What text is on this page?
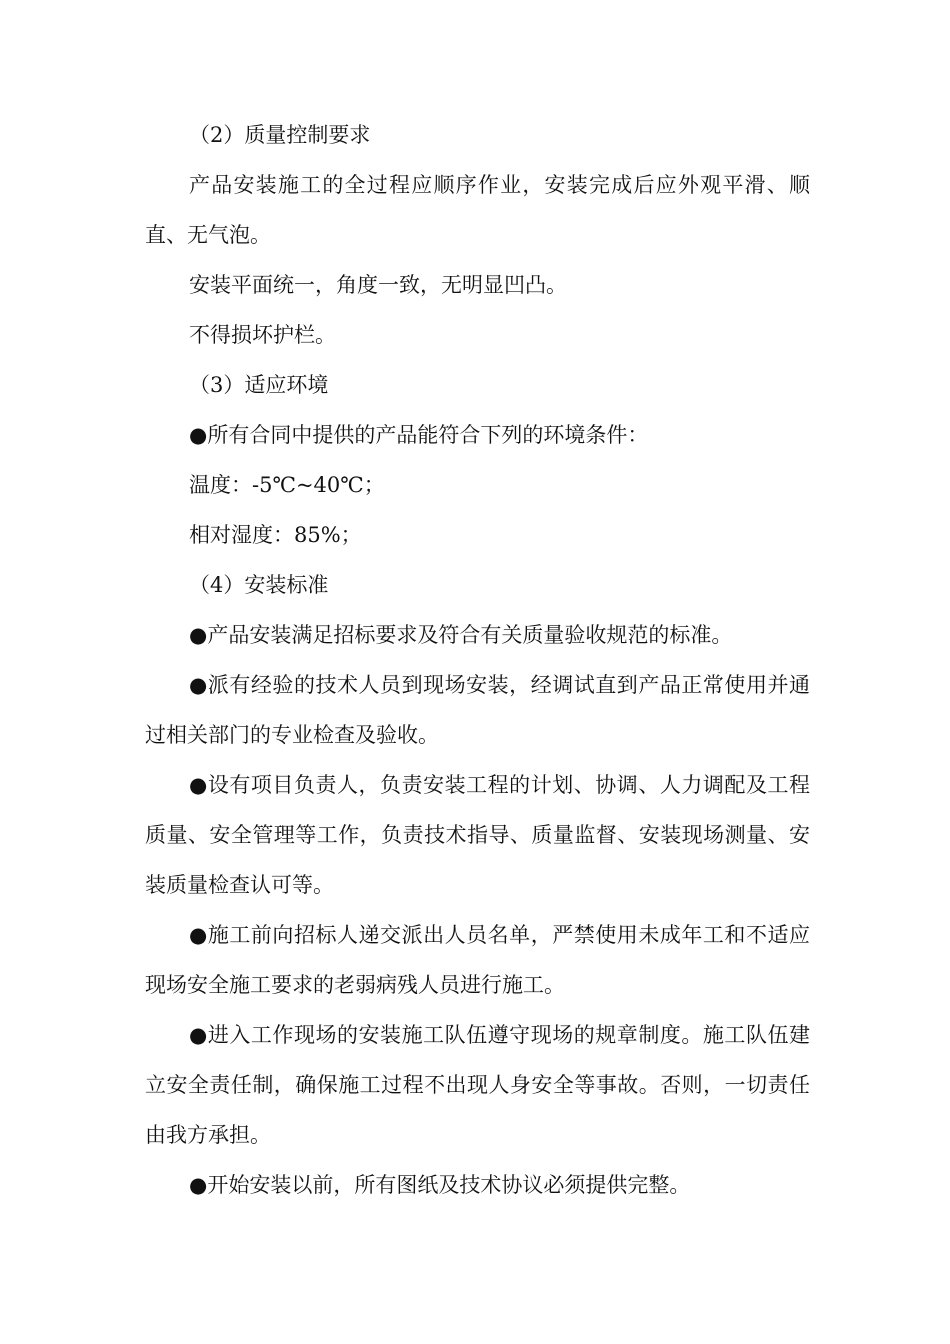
（2）质量控制要求

产品安装施工的全过程应顺序作业，安装完成后应外观平滑、顺直、无气泡。

安装平面统一，角度一致，无明显凹凸。

不得损坏护栏。

（3）适应环境

●所有合同中提供的产品能符合下列的环境条件：

温度：-5℃~40℃；

相对湿度：85%；

（4）安装标准

●产品安装满足招标要求及符合有关质量验收规范的标准。

●派有经验的技术人员到现场安装，经调试直到产品正常使用并通过相关部门的专业检查及验收。

●设有项目负责人，负责安装工程的计划、协调、人力调配及工程质量、安全管理等工作，负责技术指导、质量监督、安装现场测量、安装质量检查认可等。

●施工前向招标人递交派出人员名单，严禁使用未成年工和不适应现场安全施工要求的老弱病残人员进行施工。

●进入工作现场的安装施工队伍遵守现场的规章制度。施工队伍建立安全责任制，确保施工过程不出现人身安全等事故。否则，一切责任由我方承担。

●开始安装以前，所有图纸及技术协议必须提供完整。
